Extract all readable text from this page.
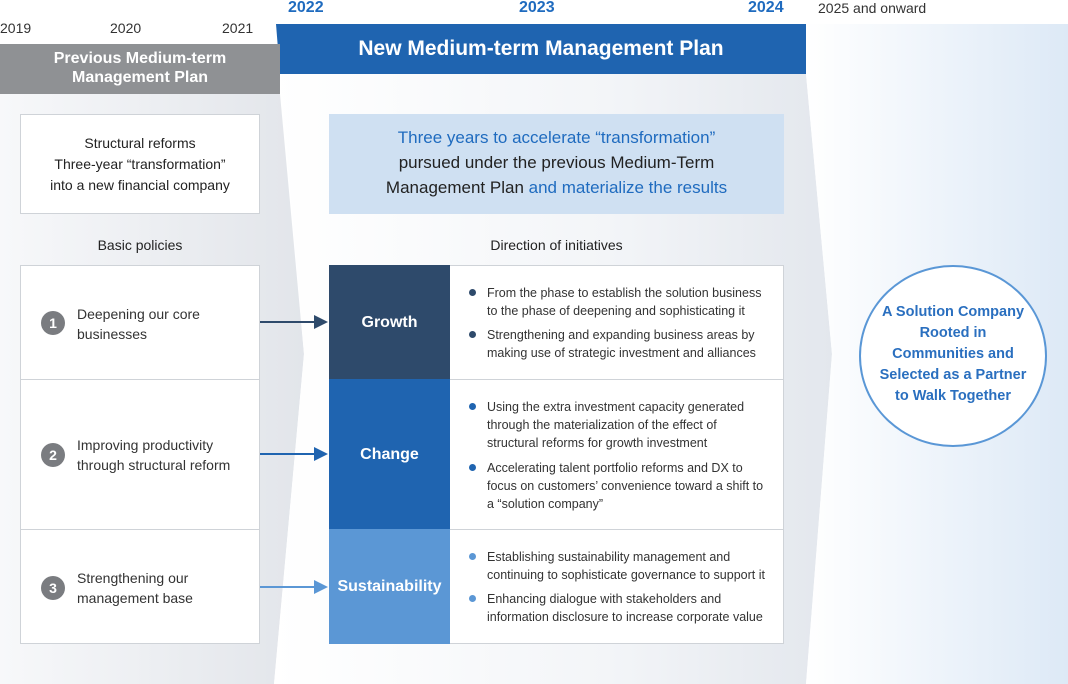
2019	2020	2021
2022	2023	2024 2025 and onward
Previous Medium-term
Management Plan
New Medium-term Management Plan
Structural reforms
Three-year “transformation”
into a new financial company
Three years to accelerate “transformation”
pursued under the previous Medium-Term
Management Plan and materialize the results
Basic policies	Direction of initiatives
1
Deepening our core
businesses
2
Improving productivity
through structural reform
3
Strengthening our
management base
Growth
From the phase to establish the solution business
to the phase of deepening and sophisticating it
Strengthening and expanding business areas by
making use of strategic investment and alliances
Change
Using the extra investment capacity generated
through the materialization of the effect of
structural reforms for growth investment
Accelerating talent portfolio reforms and DX to
focus on customers’ convenience toward a shift to
a “solution company”
Sustainability
Establishing sustainability management and
continuing to sophisticate governance to support it
Enhancing dialogue with stakeholders and
information disclosure to increase corporate value
A Solution Company
Rooted in
Communities and
Selected as a Partner
to Walk Together
